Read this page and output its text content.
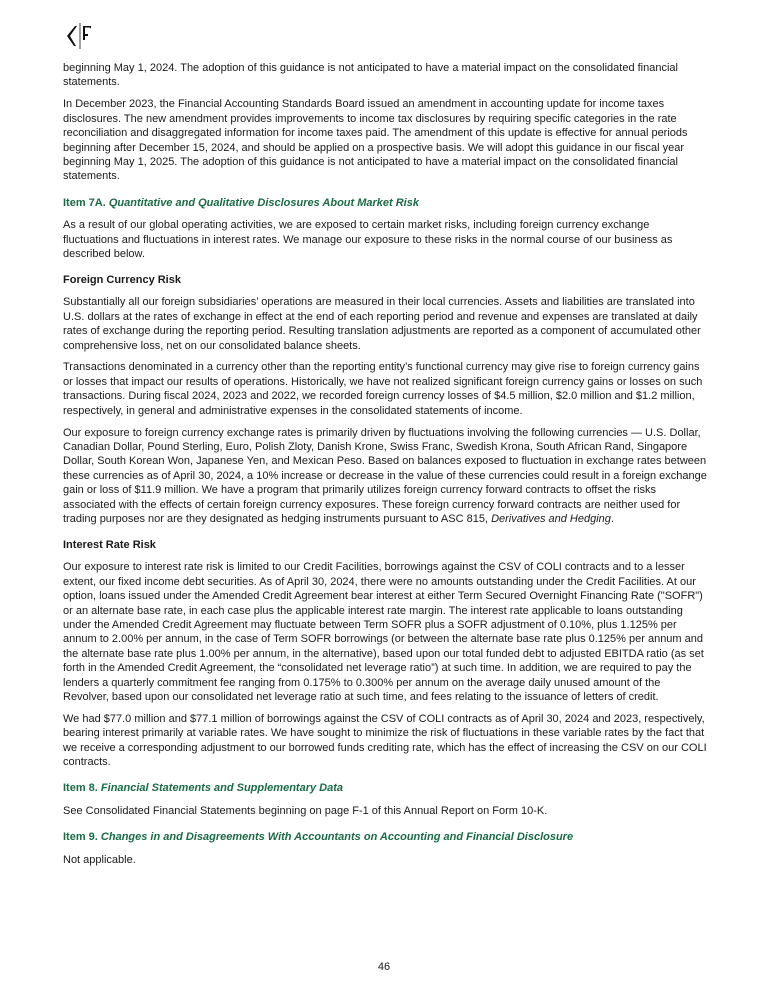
beginning May 1, 2024. The adoption of this guidance is not anticipated to have a material impact on the consolidated financial statements.

In December 2023, the Financial Accounting Standards Board issued an amendment in accounting update for income taxes disclosures. The new amendment provides improvements to income tax disclosures by requiring specific categories in the rate reconciliation and disaggregated information for income taxes paid. The amendment of this update is effective for annual periods beginning after December 15, 2024, and should be applied on a prospective basis. We will adopt this guidance in our fiscal year beginning May 1, 2025. The adoption of this guidance is not anticipated to have a material impact on the consolidated financial statements.

Item 7A. Quantitative and Qualitative Disclosures About Market Risk

As a result of our global operating activities, we are exposed to certain market risks, including foreign currency exchange fluctuations and fluctuations in interest rates. We manage our exposure to these risks in the normal course of our business as described below.

Foreign Currency Risk

Substantially all our foreign subsidiaries’ operations are measured in their local currencies. Assets and liabilities are translated into U.S. dollars at the rates of exchange in effect at the end of each reporting period and revenue and expenses are translated at daily rates of exchange during the reporting period. Resulting translation adjustments are reported as a component of accumulated other comprehensive loss, net on our consolidated balance sheets.

Transactions denominated in a currency other than the reporting entity’s functional currency may give rise to foreign currency gains or losses that impact our results of operations. Historically, we have not realized significant foreign currency gains or losses on such transactions. During fiscal 2024, 2023 and 2022, we recorded foreign currency losses of $4.5 million, $2.0 million and $1.2 million, respectively, in general and administrative expenses in the consolidated statements of income.

Our exposure to foreign currency exchange rates is primarily driven by fluctuations involving the following currencies — U.S. Dollar, Canadian Dollar, Pound Sterling, Euro, Polish Zloty, Danish Krone, Swiss Franc, Swedish Krona, South African Rand, Singapore Dollar, South Korean Won, Japanese Yen, and Mexican Peso. Based on balances exposed to fluctuation in exchange rates between these currencies as of April 30, 2024, a 10% increase or decrease in the value of these currencies could result in a foreign exchange gain or loss of $11.9 million. We have a program that primarily utilizes foreign currency forward contracts to offset the risks associated with the effects of certain foreign currency exposures. These foreign currency forward contracts are neither used for trading purposes nor are they designated as hedging instruments pursuant to ASC 815, Derivatives and Hedging.

Interest Rate Risk

Our exposure to interest rate risk is limited to our Credit Facilities, borrowings against the CSV of COLI contracts and to a lesser extent, our fixed income debt securities. As of April 30, 2024, there were no amounts outstanding under the Credit Facilities. At our option, loans issued under the Amended Credit Agreement bear interest at either Term Secured Overnight Financing Rate ("SOFR") or an alternate base rate, in each case plus the applicable interest rate margin. The interest rate applicable to loans outstanding under the Amended Credit Agreement may fluctuate between Term SOFR plus a SOFR adjustment of 0.10%, plus 1.125% per annum to 2.00% per annum, in the case of Term SOFR borrowings (or between the alternate base rate plus 0.125% per annum and the alternate base rate plus 1.00% per annum, in the alternative), based upon our total funded debt to adjusted EBITDA ratio (as set forth in the Amended Credit Agreement, the “consolidated net leverage ratio”) at such time. In addition, we are required to pay the lenders a quarterly commitment fee ranging from 0.175% to 0.300% per annum on the average daily unused amount of the Revolver, based upon our consolidated net leverage ratio at such time, and fees relating to the issuance of letters of credit.

We had $77.0 million and $77.1 million of borrowings against the CSV of COLI contracts as of April 30, 2024 and 2023, respectively, bearing interest primarily at variable rates. We have sought to minimize the risk of fluctuations in these variable rates by the fact that we receive a corresponding adjustment to our borrowed funds crediting rate, which has the effect of increasing the CSV on our COLI contracts.

Item 8. Financial Statements and Supplementary Data

See Consolidated Financial Statements beginning on page F-1 of this Annual Report on Form 10-K.

Item 9. Changes in and Disagreements With Accountants on Accounting and Financial Disclosure

Not applicable.

46
